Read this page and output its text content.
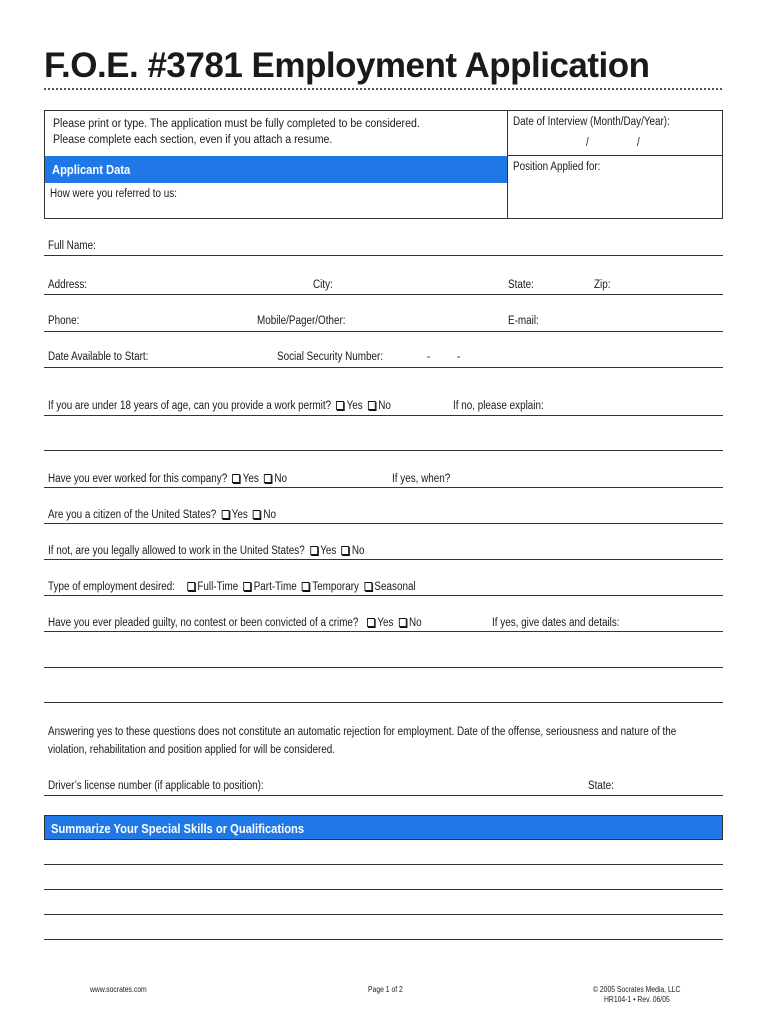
F.O.E. #3781 Employment Application
Please print or type. The application must be fully completed to be considered.
Please complete each section, even if you attach a resume.
Applicant Data
How were you referred to us:
Date of Interview (Month/Day/Year):
/	/
Position Applied for:
Full Name:
Address:	City:	State:	Zip:
Phone:	Mobile/Pager/Other:	E-mail:
Date Available to Start:	Social Security Number:	- -
If you are under 18 years of age, can you provide a work permit? Yes No	If no, please explain:
Have you ever worked for this company? Yes No	If yes, when?
Are you a citizen of the United States? Yes No
If not, are you legally allowed to work in the United States? Yes No
Type of employment desired: Full-Time Part-Time Temporary Seasonal
Have you ever pleaded guilty, no contest or been convicted of a crime? Yes No	If yes, give dates and details:
Answering yes to these questions does not constitute an automatic rejection for employment. Date of the offense, seriousness and nature of the
violation, rehabilitation and position applied for will be considered.
Driver’s license number (if applicable to position):	State:
Summarize Your Special Skills or Qualifications
www.socrates.com	Page 1 of 2	© 2005 Socrates Media, LLC
HR104-1 • Rev. 06/05
